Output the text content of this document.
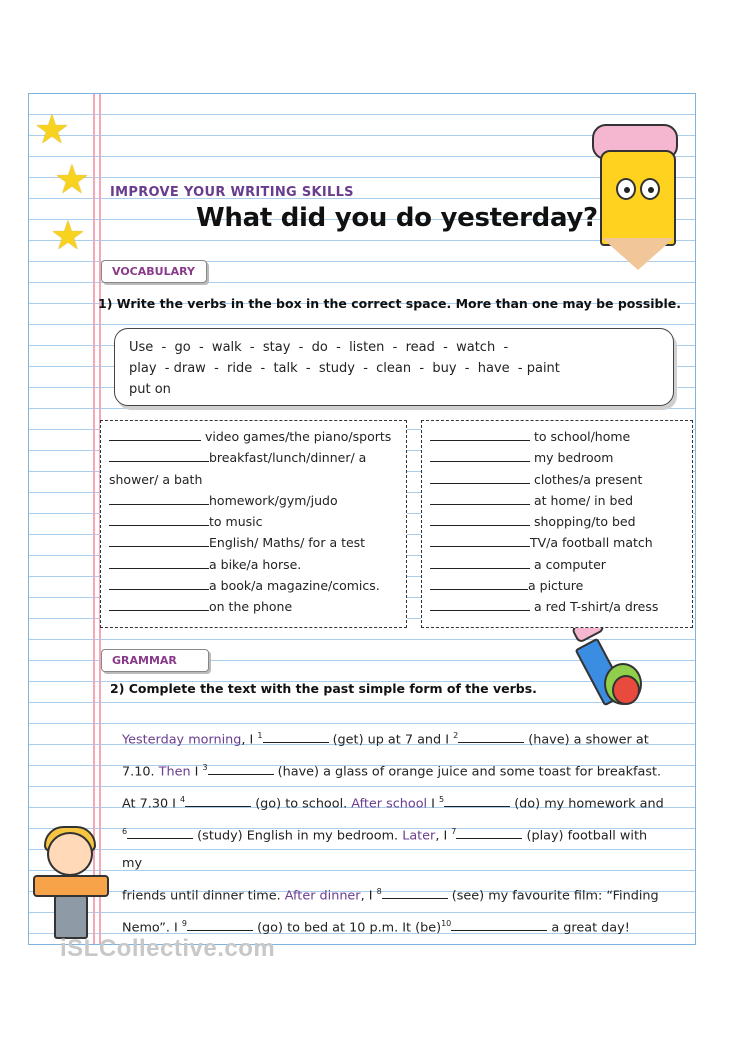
★
★
★
IMPROVE YOUR WRITING SKILLS
What did you do yesterday?
VOCABULARY
1) Write the verbs in the box in the correct space. More than one may be possible.
Use  -  go  -  walk  -  stay  -  do  -  listen  -  read  -  watch  -
play  - draw  -  ride  -  talk  -  study  -  clean  -  buy  -  have  - paint
put on
video games/the piano/sports
breakfast/lunch/dinner/ a
shower/ a bath
homework/gym/judo
to music
English/ Maths/ for a test
a bike/a horse.
a book/a magazine/comics.
on the phone
to school/home
my bedroom
clothes/a present
at home/ in bed
shopping/to bed
TV/a football match
a computer
a picture
a red T-shirt/a dress
GRAMMAR
2) Complete the text with the past simple form of the verbs.
Yesterday morning, I $^1$	(get) up at 7 and I $^2$	(have) a shower at
7.10. Then I $^3$	(have) a glass of orange juice and some toast for breakfast.
At 7.30 I $^4$	(go) to school. After school I $^5$	(do) my homework and
$^6$	(study) English in my bedroom. Later, I $^7$	(play) football with my
friends until dinner time. After dinner, I $^8$	(see) my favourite film: “Finding
Nemo”. I $^9$	(go) to bed at 10 p.m. It (be)$^{10}$	a great day!
iSLCollective.com
